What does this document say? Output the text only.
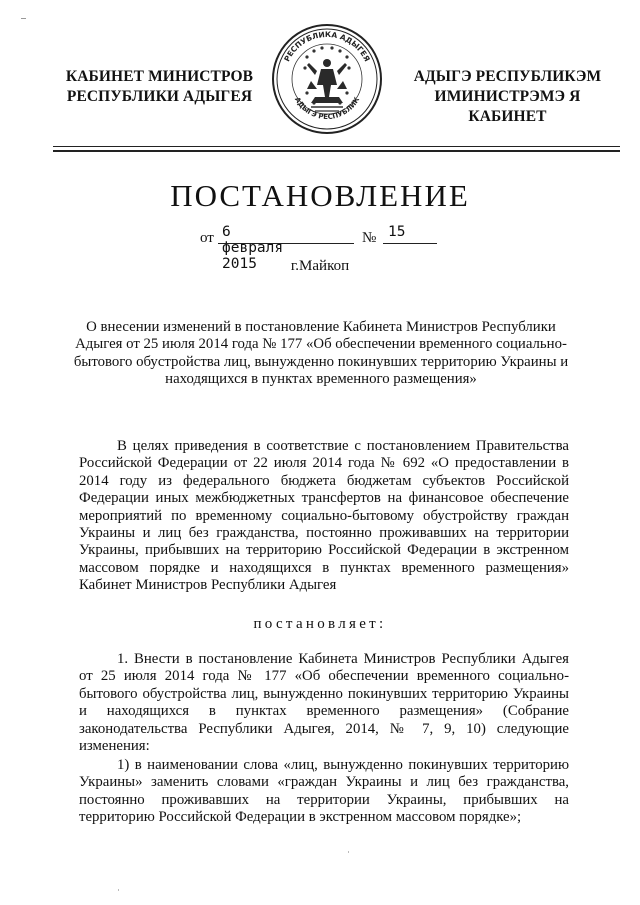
КАБИНЕТ МИНИСТРОВ
РЕСПУБЛИКИ АДЫГЕЯ
РЕСПУБЛИКА АДЫГЕЯ
АДЫГЭ РЕСПУБЛИК
АДЫГЭ РЕСПУБЛИКЭМ
ИМИНИСТРЭМЭ Я КАБИНЕТ
ПОСТАНОВЛЕНИЕ
от 6 февраля 2015
№ 15
г.Майкоп
О внесении изменений в постановление Кабинета Министров Республики Адыгея от 25 июля 2014 года № 177 «Об обеспечении временного социально-бытового обустройства лиц, вынужденно покинувших территорию Украины и находящихся в пунктах временного размещения»
В целях приведения в соответствие с постановлением Правительства Российской Федерации от 22 июля 2014 года № 692 «О предоставлении в 2014 году из федерального бюджета бюджетам субъектов Российской Федерации иных межбюджетных трансфертов на финансовое обеспечение мероприятий по временному социально-бытовому обустройству граждан Украины и лиц без гражданства, постоянно проживавших на территории Украины, прибывших на территорию Российской Федерации в экстренном массовом порядке и находящихся в пунктах временного размещения» Кабинет Министров Республики Адыгея
постановляет:
1. Внести в постановление Кабинета Министров Республики Адыгея от 25 июля 2014 года № 177 «Об обеспечении временного социально-бытового обустройства лиц, вынужденно покинувших территорию Украины и находящихся в пунктах временного размещения» (Собрание законодательства Республики Адыгея, 2014, № 7, 9, 10) следующие изменения:
1) в наименовании слова «лиц, вынужденно покинувших территорию Украины» заменить словами «граждан Украины и лиц без гражданства, постоянно проживавших на территории Украины, прибывших на территорию Российской Федерации в экстренном массовом порядке»;
